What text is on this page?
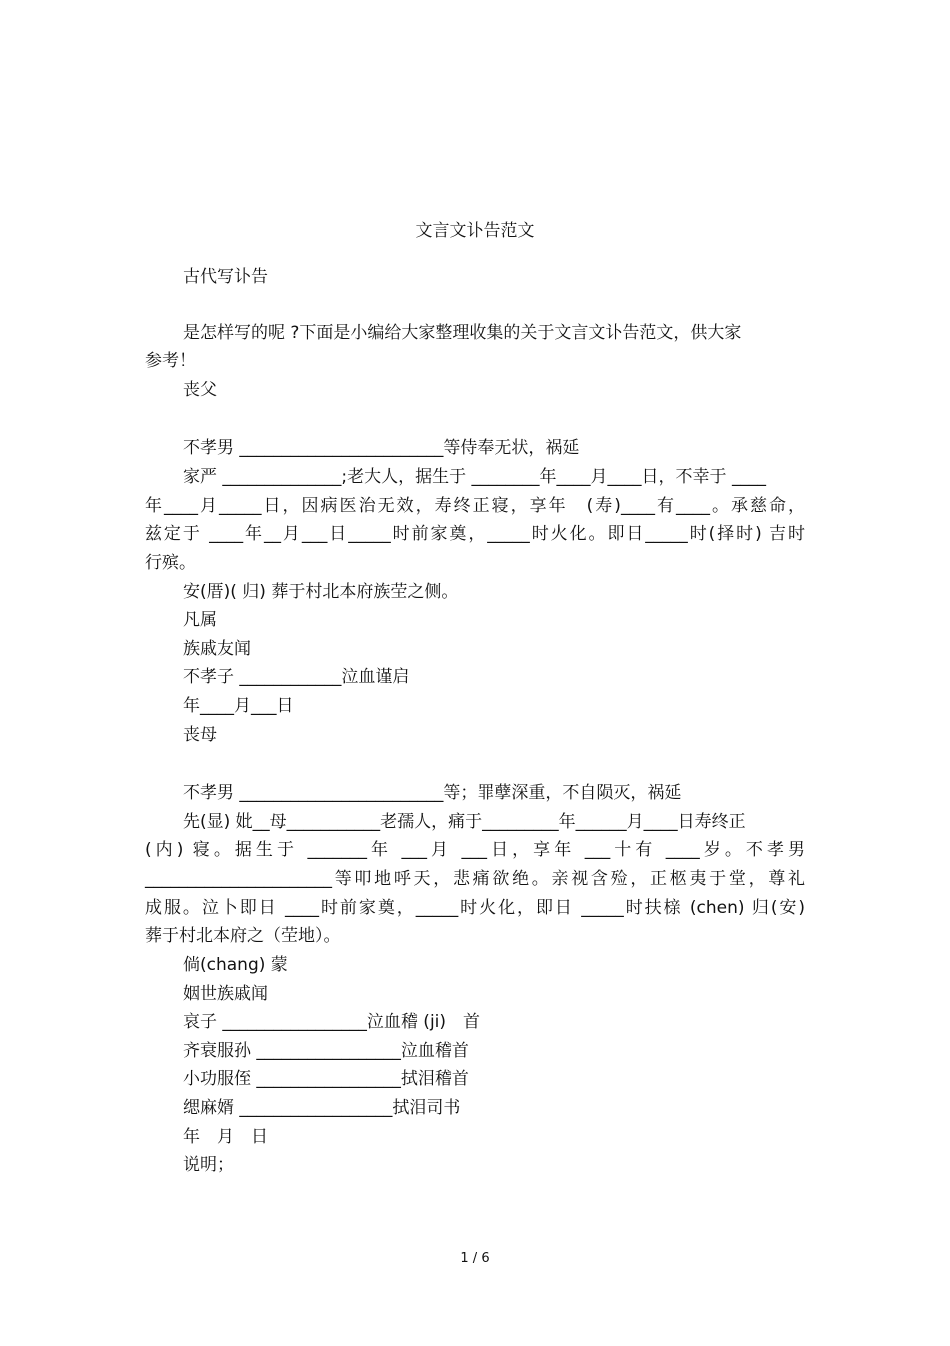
文言文讣告范文
古代写讣告
是怎样写的呢 ?下面是小编给大家整理收集的关于文言文讣告范文，供大家
参考！
丧父
不孝男 ________________________等侍奉无状，祸延
家严 ______________;老大人，据生于 ________年____月____日，不幸于 ____
年____月_____日，因病医治无效，寿终正寝，享年　(寿)____有____。承慈命，
兹定于 ____年__月___日_____时前家奠，_____时火化。即日_____时(择时) 吉时
行殡。
安(厝)( 归) 葬于村北本府族茔之侧。
凡属
族戚友闻
不孝子 ____________泣血谨启
年____月___日
丧母
不孝男 ________________________等；罪孽深重，不自陨灭，祸延
先(显) 妣__母___________老孺人，痛于_________年______月____日寿终正
(内) 寝。据生于 _______年 ___月 ___日，享年 ___十有 ____岁。不孝男
______________________等叩地呼天，悲痛欲绝。亲视含殓，正柩夷于堂，尊礼
成服。泣卜即日 ____时前家奠，_____时火化，即日 _____时扶榇 (chen) 归(安)
葬于村北本府之（茔地）。
倘(chang) 蒙
姻世族戚闻
哀子 _________________泣血稽 (ji)　首
齐衰服孙 _________________泣血稽首
小功服侄 _________________拭泪稽首
缌麻婿 __________________拭泪司书
年　月　日
说明；
1 / 6
